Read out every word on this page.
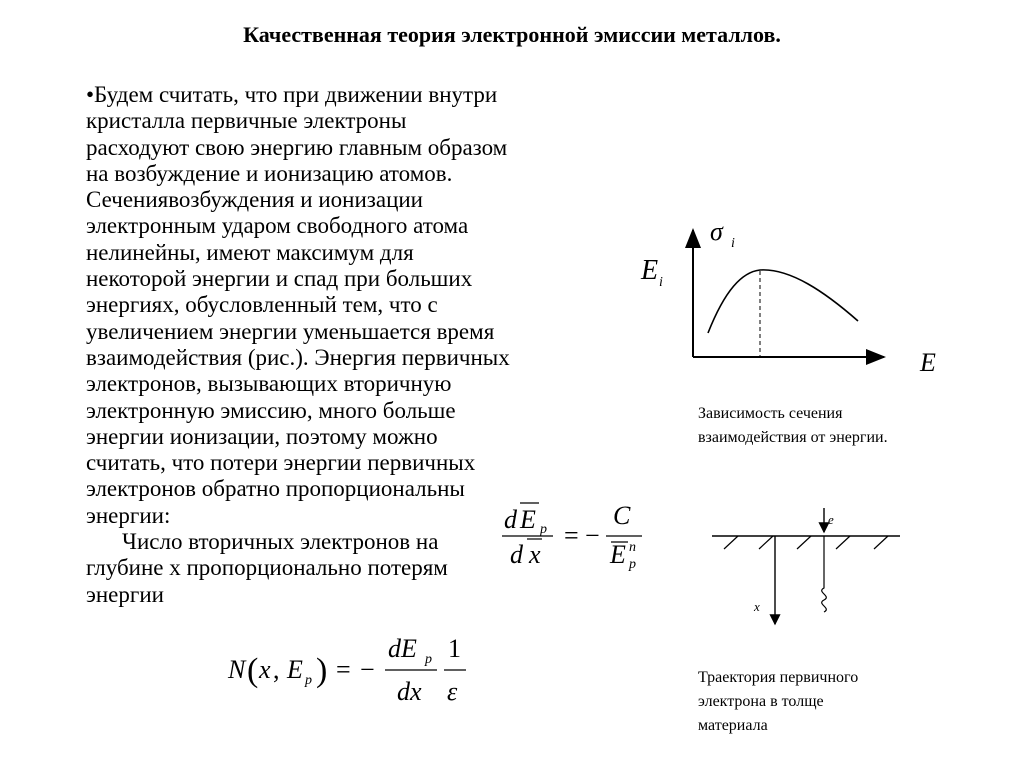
Качественная теория электронной эмиссии металлов.
•Будем считать, что при движении внутри
кристалла первичные электроны
расходуют свою энергию главным образом
на возбуждение и ионизацию атомов.
Сечениявозбуждения и ионизации
электронным ударом свободного атома
нелинейны, имеют максимум для
некоторой энергии и спад при больших
энергиях, обусловленный тем, что с
увеличением энергии уменьшается время
взаимодействия (рис.). Энергия первичных
электронов, вызывающих вторичную
электронную эмиссию, много больше
энергии ионизации, поэтому можно
считать, что потери энергии первичных
электронов обратно пропорциональны
энергии:
Число вторичных электронов на
глубине x пропорционально потерям
энергии
σ i
E i
E
Зависимость сечения
взаимодействия от энергии.
e
x
Траектория первичного
электрона в толще
материала
d E p
d x
= −
C
E n
p
N ( x , E p ) = −
dE p
dx
1
ε
